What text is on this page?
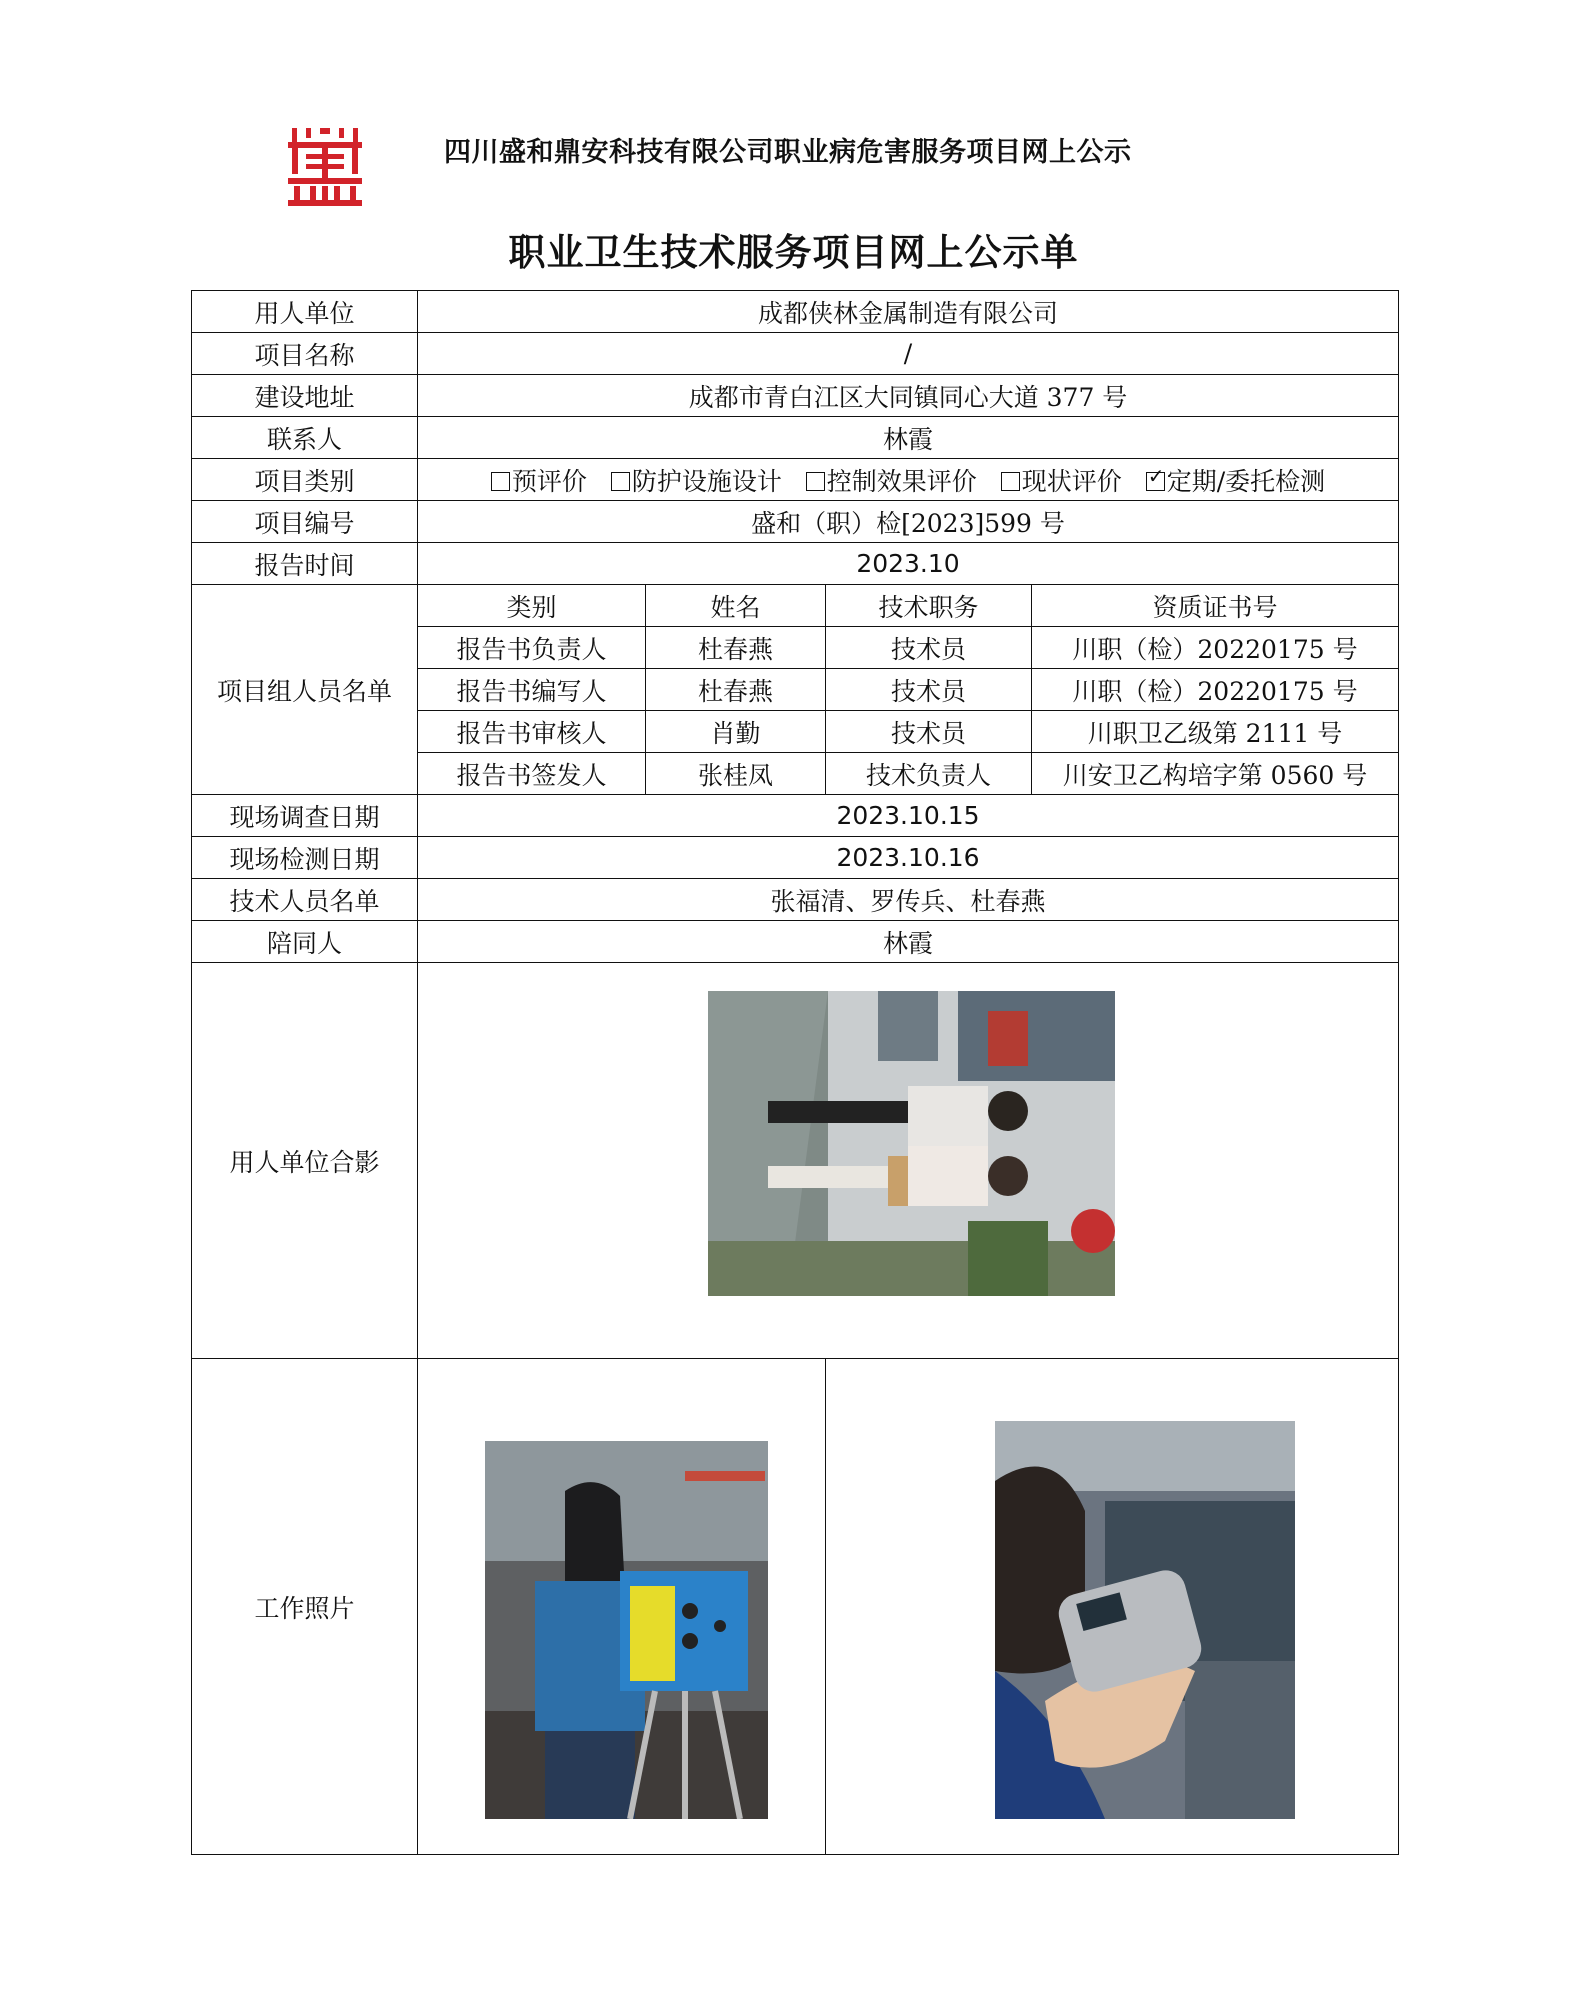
四川盛和鼎安科技有限公司职业病危害服务项目网上公示
职业卫生技术服务项目网上公示单
用人单位	成都侠林金属制造有限公司			
项目名称	/			
建设地址	成都市青白江区大同镇同心大道 377 号			
联系人	林霞			
项目类别	预评价 防护设施设计 控制效果评价 现状评价 ✓ 定期/委托检测
项目编号	盛和（职）检[2023]599 号			
报告时间	2023.10			
项目组人员名单	类别	姓名	技术职务	资质证书号
	报告书负责人	杜春燕	技术员	川职（检）20220175 号
	报告书编写人	杜春燕	技术员	川职（检）20220175 号
	报告书审核人	肖勤	技术员	川职卫乙级第 2111 号
	报告书签发人	张桂凤	技术负责人	川安卫乙构培字第 0560 号
现场调查日期	2023.10.15			
现场检测日期	2023.10.16			
技术人员名单	张福清、罗传兵、杜春燕			
陪同人	林霞			
用人单位合影	

工作照片	
